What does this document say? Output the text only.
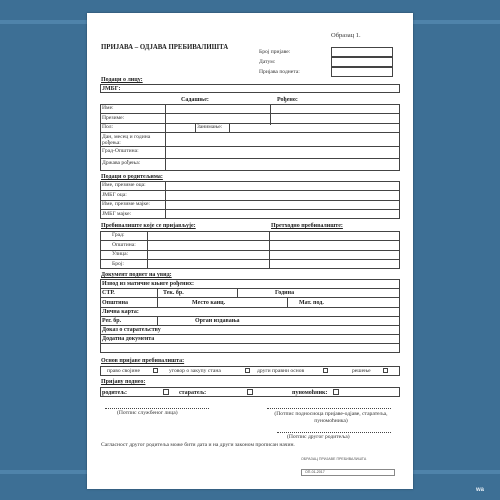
Образац 1.
ПРИЈАВА – ОДЈАВА ПРЕБИВАЛИШТА
Број пријаве:
Датум:
Пријава поднета:
Подаци о лицу:
ЈМБГ:
Садашње:	Рођено:
Име:
Презиме:
Пол:	Занимање:
Дан, месец и година рођења:
Град-Општина:
Држава рођења:
Подаци о родитељима:
Име, презиме оца:
ЈМБГ оца:
Име, презиме мајке:
ЈМБГ мајке:
Пребивалиште које се пријављује:	Претходно пребивалиште:
Град:
Општина:
Улица:
Број:
Документ поднет на увид:
Извод из матичне књиге рођених:
СТР.	Тек. бр.	Година
Општина	Место канц.	Мат. под.
Лична карта:
Рег. бр.	Орган издавања
Доказ о старатељству
Додатна документа
Основ пријаве пребивалишта:
право својине	уговор о закупу стана	други правни основ	решење
Пријаву поднео:
родитељ:	старатељ:	пуномоћник:
(Потпис службеног лица)	(Потпис подносиоца пријаве-одјаве, старатеља, пуномоћника)
(Потпис другог родитеља)
Сагласност другог родитеља може бити дата и на други законом прописан начин.
ОБРАЗАЦ ПРИЈАВЕ ПРЕБИВАЛИШТА
ОП-01-2017
wa
